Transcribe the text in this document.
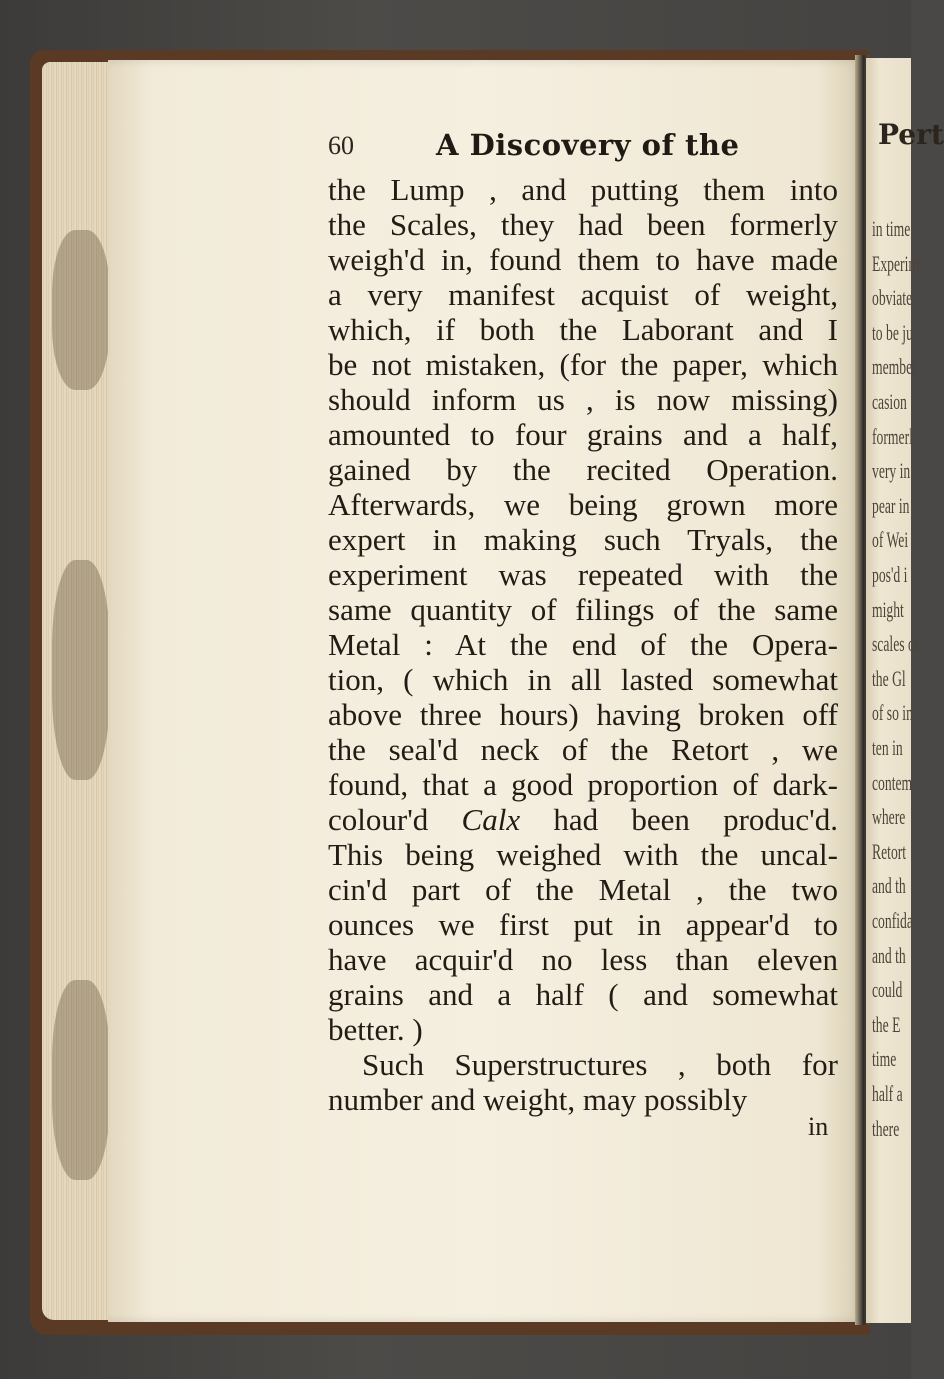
Pert
in time
Experim
obviate
to be ju
member
casion
formerl
very in
pear in
of Wei
pos'd i
might
scales of
the Gl
of so in
ten in
contem
where
Retort
and th
confida
and th
could
the E
time
half a
there
60	A Discovery of the
the Lump , and putting them into
the Scales, they had been formerly
weigh'd in, found them to have made
a very manifest acquist of weight,
which, if both the Laborant and I
be not mistaken, (for the paper, which
should inform us , is now missing)
amounted to four grains and a half,
gained by the recited Operation.
Afterwards, we being grown more
expert in making such Tryals, the
experiment was repeated with the
same quantity of filings of the same
Metal : At the end of the Opera-
tion, ( which in all lasted somewhat
above three hours) having broken off
the seal'd neck of the Retort , we
found, that a good proportion of dark-
colour'd Calx had been produc'd.
This being weighed with the uncal-
cin'd part of the Metal , the two
ounces we first put in appear'd to
have acquir'd no less than eleven
grains and a half ( and somewhat
better. )
Such Superstructures , both for
number and weight, may possibly
in
